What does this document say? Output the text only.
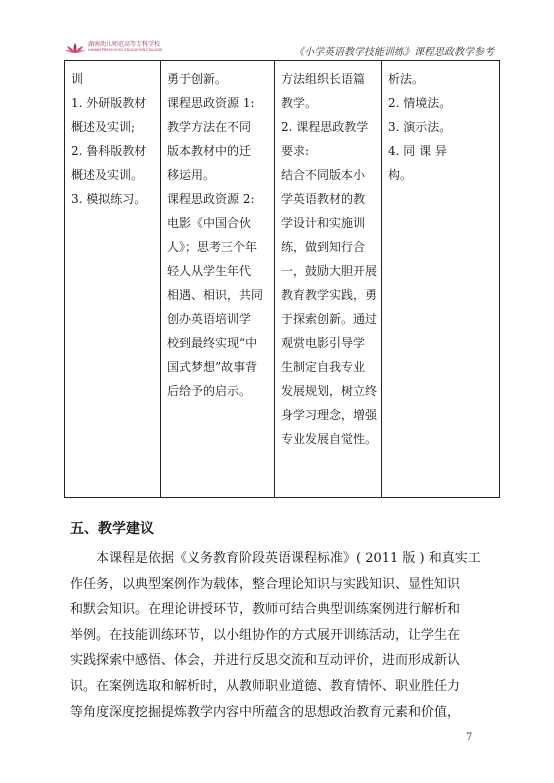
湖南幼儿师范高等专科学校
HUNAN PRESCHOOL EDUCATION COLLEGE	《小学英语教学技能训练》课程思政教学参考
训
1. 外研版教材
概述及实训;
2. 鲁科版教材
概述及实训。
3. 模拟练习。

勇于创新。
课程思政资源 1:
教学方法在不同
版本教材中的迁
移运用。
课程思政资源 2:
电影《中国合伙
人》；思考三个年
轻人从学生年代
相遇、相识，共同
创办英语培训学
校到最终实现“中
国式梦想”故事背
后给予的启示。

方法组织长语篇
教学。
2. 课程思政教学
要求:
结合不同版本小
学英语教材的教
学设计和实施训
练，做到知行合
一，鼓励大胆开展
教育教学实践，勇
于探索创新。通过
观赏电影引导学
生制定自我专业
发展规划，树立终
身学习理念，增强
专业发展自觉性。

析法。
2. 情境法。
3. 演示法。
4. 同 课 异
构。
五、教学建议
　　本课程是依据《义务教育阶段英语课程标准》( 2011 版 ) 和真实工
作任务，以典型案例作为载体，整合理论知识与实践知识、显性知识
和默会知识。在理论讲授环节，教师可结合典型训练案例进行解析和
举例。在技能训练环节，以小组协作的方式展开训练活动，让学生在
实践探索中感悟、体会，并进行反思交流和互动评价，进而形成新认
识。在案例选取和解析时，从教师职业道德、教育情怀、职业胜任力
等角度深度挖掘提炼教学内容中所蕴含的思想政治教育元素和价值，
7
